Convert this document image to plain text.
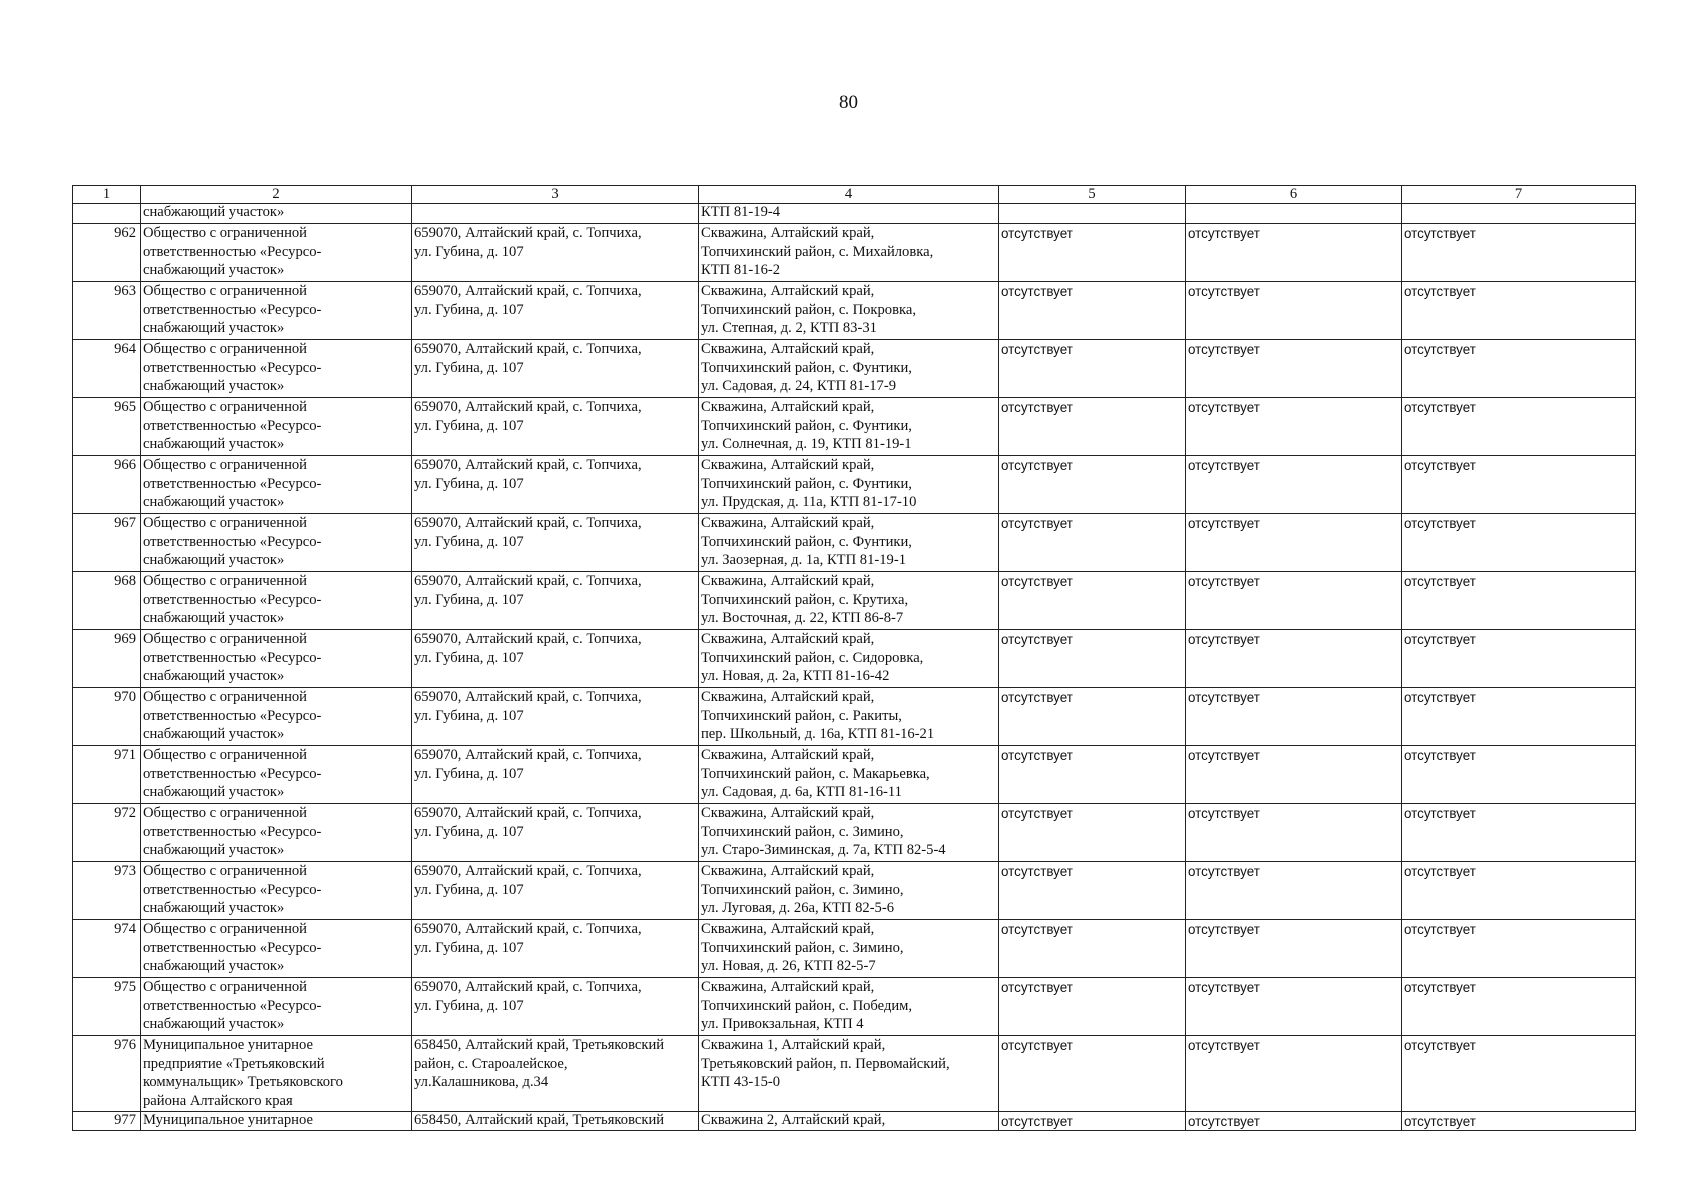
80
1	2	3	4	5	6	7

	снабжающий участок»		КТП 81-19-4			

962	Общество с ограниченной
ответственностью «Ресурсо-
снабжающий участок»	659070, Алтайский край, с. Топчиха,
ул. Губина, д. 107	Скважина, Алтайский край,
Топчихинский район, с. Михайловка,
КТП 81-16-2	отсутствует	отсутствует	отсутствует
963	Общество с ограниченной
ответственностью «Ресурсо-
снабжающий участок»	659070, Алтайский край, с. Топчиха,
ул. Губина, д. 107	Скважина, Алтайский край,
Топчихинский район, с. Покровка,
ул. Степная, д. 2, КТП 83-31	отсутствует	отсутствует	отсутствует
964	Общество с ограниченной
ответственностью «Ресурсо-
снабжающий участок»	659070, Алтайский край, с. Топчиха,
ул. Губина, д. 107	Скважина, Алтайский край,
Топчихинский район, с. Фунтики,
ул. Садовая, д. 24, КТП 81-17-9	отсутствует	отсутствует	отсутствует
965	Общество с ограниченной
ответственностью «Ресурсо-
снабжающий участок»	659070, Алтайский край, с. Топчиха,
ул. Губина, д. 107	Скважина, Алтайский край,
Топчихинский район, с. Фунтики,
ул. Солнечная, д. 19, КТП 81-19-1	отсутствует	отсутствует	отсутствует
966	Общество с ограниченной
ответственностью «Ресурсо-
снабжающий участок»	659070, Алтайский край, с. Топчиха,
ул. Губина, д. 107	Скважина, Алтайский край,
Топчихинский район, с. Фунтики,
ул. Прудская, д. 11а, КТП 81-17-10	отсутствует	отсутствует	отсутствует
967	Общество с ограниченной
ответственностью «Ресурсо-
снабжающий участок»	659070, Алтайский край, с. Топчиха,
ул. Губина, д. 107	Скважина, Алтайский край,
Топчихинский район, с. Фунтики,
ул. Заозерная, д. 1а, КТП 81-19-1	отсутствует	отсутствует	отсутствует
968	Общество с ограниченной
ответственностью «Ресурсо-
снабжающий участок»	659070, Алтайский край, с. Топчиха,
ул. Губина, д. 107	Скважина, Алтайский край,
Топчихинский район, с. Крутиха,
ул. Восточная, д. 22, КТП 86-8-7	отсутствует	отсутствует	отсутствует
969	Общество с ограниченной
ответственностью «Ресурсо-
снабжающий участок»	659070, Алтайский край, с. Топчиха,
ул. Губина, д. 107	Скважина, Алтайский край,
Топчихинский район, с. Сидоровка,
ул. Новая, д. 2а, КТП 81-16-42	отсутствует	отсутствует	отсутствует
970	Общество с ограниченной
ответственностью «Ресурсо-
снабжающий участок»	659070, Алтайский край, с. Топчиха,
ул. Губина, д. 107	Скважина, Алтайский край,
Топчихинский район, с. Ракиты,
пер. Школьный, д. 16а, КТП 81-16-21	отсутствует	отсутствует	отсутствует
971	Общество с ограниченной
ответственностью «Ресурсо-
снабжающий участок»	659070, Алтайский край, с. Топчиха,
ул. Губина, д. 107	Скважина, Алтайский край,
Топчихинский район, с. Макарьевка,
ул. Садовая, д. 6а, КТП 81-16-11	отсутствует	отсутствует	отсутствует
972	Общество с ограниченной
ответственностью «Ресурсо-
снабжающий участок»	659070, Алтайский край, с. Топчиха,
ул. Губина, д. 107	Скважина, Алтайский край,
Топчихинский район, с. Зимино,
ул. Старо-Зиминская, д. 7а, КТП 82-5-4	отсутствует	отсутствует	отсутствует
973	Общество с ограниченной
ответственностью «Ресурсо-
снабжающий участок»	659070, Алтайский край, с. Топчиха,
ул. Губина, д. 107	Скважина, Алтайский край,
Топчихинский район, с. Зимино,
ул. Луговая, д. 26а, КТП 82-5-6	отсутствует	отсутствует	отсутствует
974	Общество с ограниченной
ответственностью «Ресурсо-
снабжающий участок»	659070, Алтайский край, с. Топчиха,
ул. Губина, д. 107	Скважина, Алтайский край,
Топчихинский район, с. Зимино,
ул. Новая, д. 26, КТП 82-5-7	отсутствует	отсутствует	отсутствует
975	Общество с ограниченной
ответственностью «Ресурсо-
снабжающий участок»	659070, Алтайский край, с. Топчиха,
ул. Губина, д. 107	Скважина, Алтайский край,
Топчихинский район, с. Победим,
ул. Привокзальная, КТП 4	отсутствует	отсутствует	отсутствует
976	Муниципальное унитарное
предприятие «Третьяковский
коммунальщик» Третьяковского
района Алтайского края	658450, Алтайский край, Третьяковский
район, с. Староалейское,
ул.Калашникова, д.34	Скважина 1, Алтайский край,
Третьяковский район, п. Первомайский,
КТП 43-15-0	отсутствует	отсутствует	отсутствует
977	Муниципальное унитарное	658450, Алтайский край, Третьяковский	Скважина 2, Алтайский край,	отсутствует	отсутствует	отсутствует
